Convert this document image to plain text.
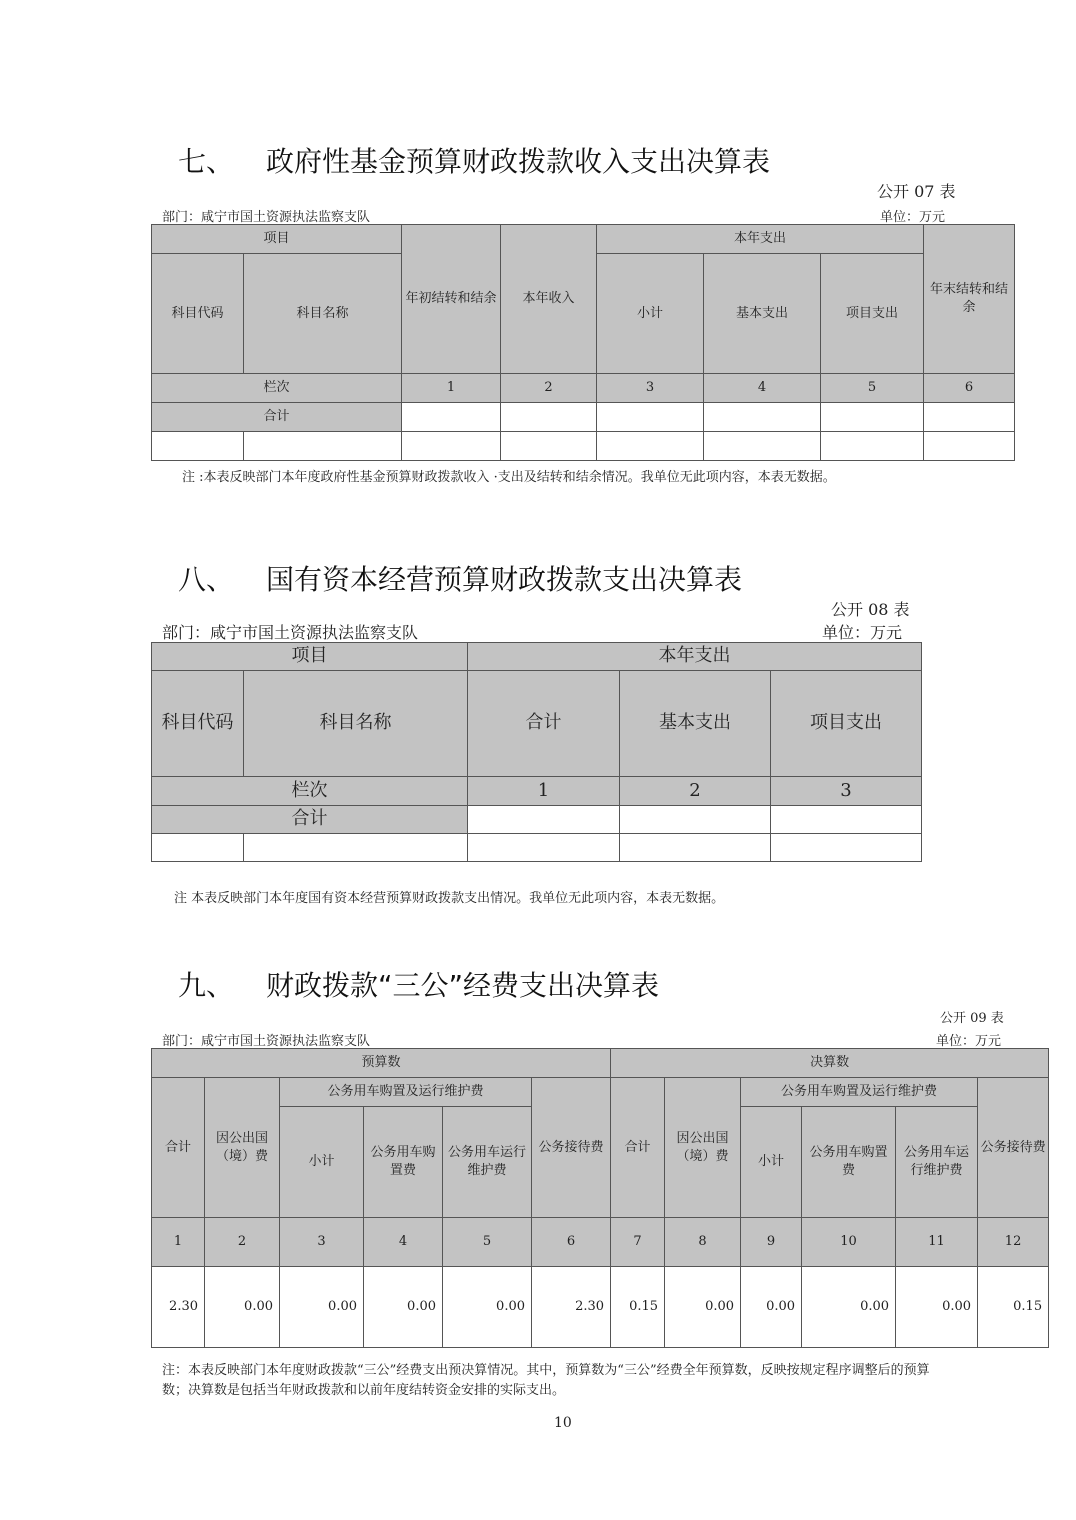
七、 政府性基金预算财政拨款收入支出决算表
公开 07 表
部门：咸宁市国土资源执法监察支队	单位：万元
项目		年初结转和结余	本年收入	本年支出			年末结转和结余
科目代码	科目名称			小计	基本支出	项目支出	
栏次		1	2	3	4	5	6
合计							

注 :本表反映部门本年度政府性基金预算财政拨款收入 ·支出及结转和结余情况。我单位无此项内容，本表无数据。
八、 国有资本经营预算财政拨款支出决算表
公开 08 表
部门：咸宁市国土资源执法监察支队	单位：万元
项目		本年支出		
科目代码	科目名称	合计	基本支出	项目支出
栏次		1	2	3
合计				

注 本表反映部门本年度国有资本经营预算财政拨款支出情况。我单位无此项内容，本表无数据。
九、 财政拨款“三公”经费支出决算表
公开 09 表
部门：咸宁市国土资源执法监察支队	单位：万元
预算数						决算数					
合计	因公出国（境）费	公务用车购置及运行维护费			公务接待费	合计	因公出国（境）费	公务用车购置及运行维护费			公务接待费
		小计	公务用车购置费	公务用车运行维护费				小计	公务用车购置费	公务用车运行维护费	
1	2	3	4	5	6	7	8	9	10	11	12
2.30	0.00	0.00	0.00	0.00	2.30	0.15	0.00	0.00	0.00	0.00	0.15
注：本表反映部门本年度财政拨款“三公”经费支出预决算情况。其中，预算数为“三公”经费全年预算数，反映按规定程序调整后的预算
数；决算数是包括当年财政拨款和以前年度结转资金安排的实际支出。
10
